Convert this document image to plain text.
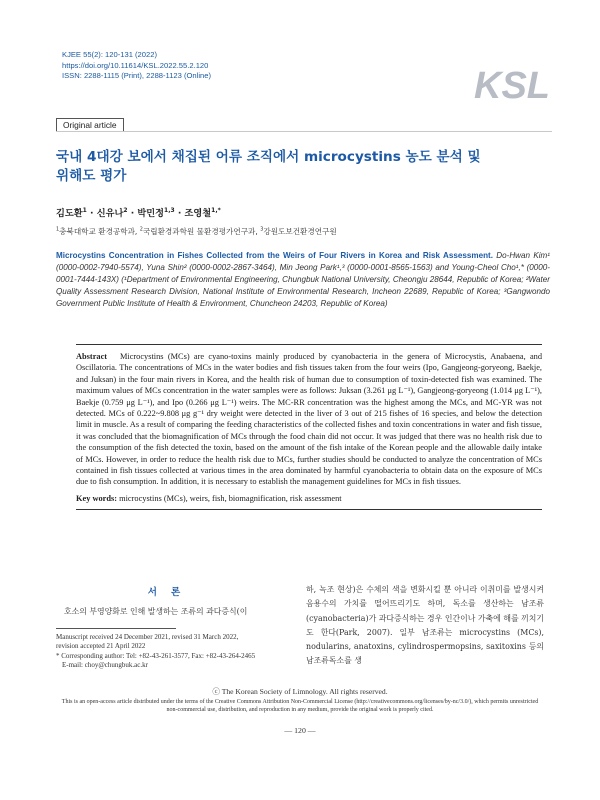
KJEE 55(2): 120-131 (2022)
https://doi.org/10.11614/KSL.2022.55.2.120
ISSN: 2288-1115 (Print), 2288-1123 (Online)	KSL
Original article
국내 4대강 보에서 채집된 어류 조직에서 microcystins 농도 분석 및
위해도 평가
김도환$^1$ · 신유나$^2$ · 박민정$^{1,3}$ · 조영철$^{1,*}$
$^1$충북대학교 환경공학과, $^2$국립환경과학원 물환경평가연구과, $^3$강원도보건환경연구원
Microcystins Concentration in Fishes Collected from the Weirs of Four Rivers in Korea and Risk Assessment. Do-Hwan Kim¹ (0000-0002-7940-5574), Yuna Shin² (0000-0002-2867-3464), Min Jeong Park¹,³ (0000-0001-8565-1563) and Young-Cheol Cho¹,* (0000-0001-7444-143X) (¹Department of Environmental Engineering, Chungbuk National University, Cheongju 28644, Republic of Korea; ²Water Quality Assessment Research Division, National Institute of Environmental Research, Incheon 22689, Republic of Korea; ³Gangwondo Government Public Institute of Health & Environment, Chuncheon 24203, Republic of Korea)

Abstract Microcystins (MCs) are cyano-toxins mainly produced by cyanobacteria in the genera of Microcystis, Anabaena, and Oscillatoria. The concentrations of MCs in the water bodies and fish tissues taken from the four weirs (Ipo, Gangjeong-goryeong, Baekje, and Juksan) in the four main rivers in Korea, and the health risk of human due to consumption of toxin-detected fish was examined. The maximum values of MCs concentration in the water samples were as follows: Juksan (3.261 μg L⁻¹), Gangjeong-goryeong (1.014 μg L⁻¹), Baekje (0.759 μg L⁻¹), and Ipo (0.266 μg L⁻¹) weirs. The MC-RR concentration was the highest among the MCs, and MC-YR was not detected. MCs of 0.222~9.808 μg g⁻¹ dry weight were detected in the liver of 3 out of 215 fishes of 16 species, and below the detection limit in muscle. As a result of comparing the feeding characteristics of the collected fishes and toxin concentrations in water and fish tissue, it was concluded that the biomagnification of MCs through the food chain did not occur. It was judged that there was no health risk due to the consumption of the fish detected the toxin, based on the amount of the fish intake of the Korean people and the allowable daily intake of MCs. However, in order to reduce the health risk due to MCs, further studies should be conducted to analyze the concentration of MCs contained in fish tissues collected at various times in the area dominated by harmful cyanobacteria to obtain data on the exposure of MCs due to fish consumption. In addition, it is necessary to establish the management guidelines for MCs in fish tissues.

Key words: microcystins (MCs), weirs, fish, biomagnification, risk assessment

서론
호소의 부영양화로 인해 발생하는 조류의 과다증식(이
Manuscript received 24 December 2021, revised 31 March 2022,
revision accepted 21 April 2022
* Corresponding author: Tel: +82-43-261-3577, Fax: +82-43-264-2465
E-mail: choy@chungbuk.ac.kr

하, 녹조 현상)은 수체의 색을 변화시킬 뿐 아니라 이취미를 발생시켜 음용수의 가치를 떨어뜨리기도 하며, 독소를 생산하는 남조류(cyanobacteria)가 과다증식하는 경우 인간이나 가축에 해를 끼치기도 한다(Park, 2007). 일부 남조류는 microcystins (MCs), nodularins, anatoxins, cylindrospermopsins, saxitoxins 등의 남조류독소를 생

ⓒ The Korean Society of Limnology. All rights reserved.
This is an open-access article distributed under the terms of the Creative Commons Attribution Non-Commercial License (http://creativecommons.org/licenses/by-nc/3.0/), which permits unrestricted non-commercial use, distribution, and reproduction in any medium, provide the original work is properly cited.
— 120 —
